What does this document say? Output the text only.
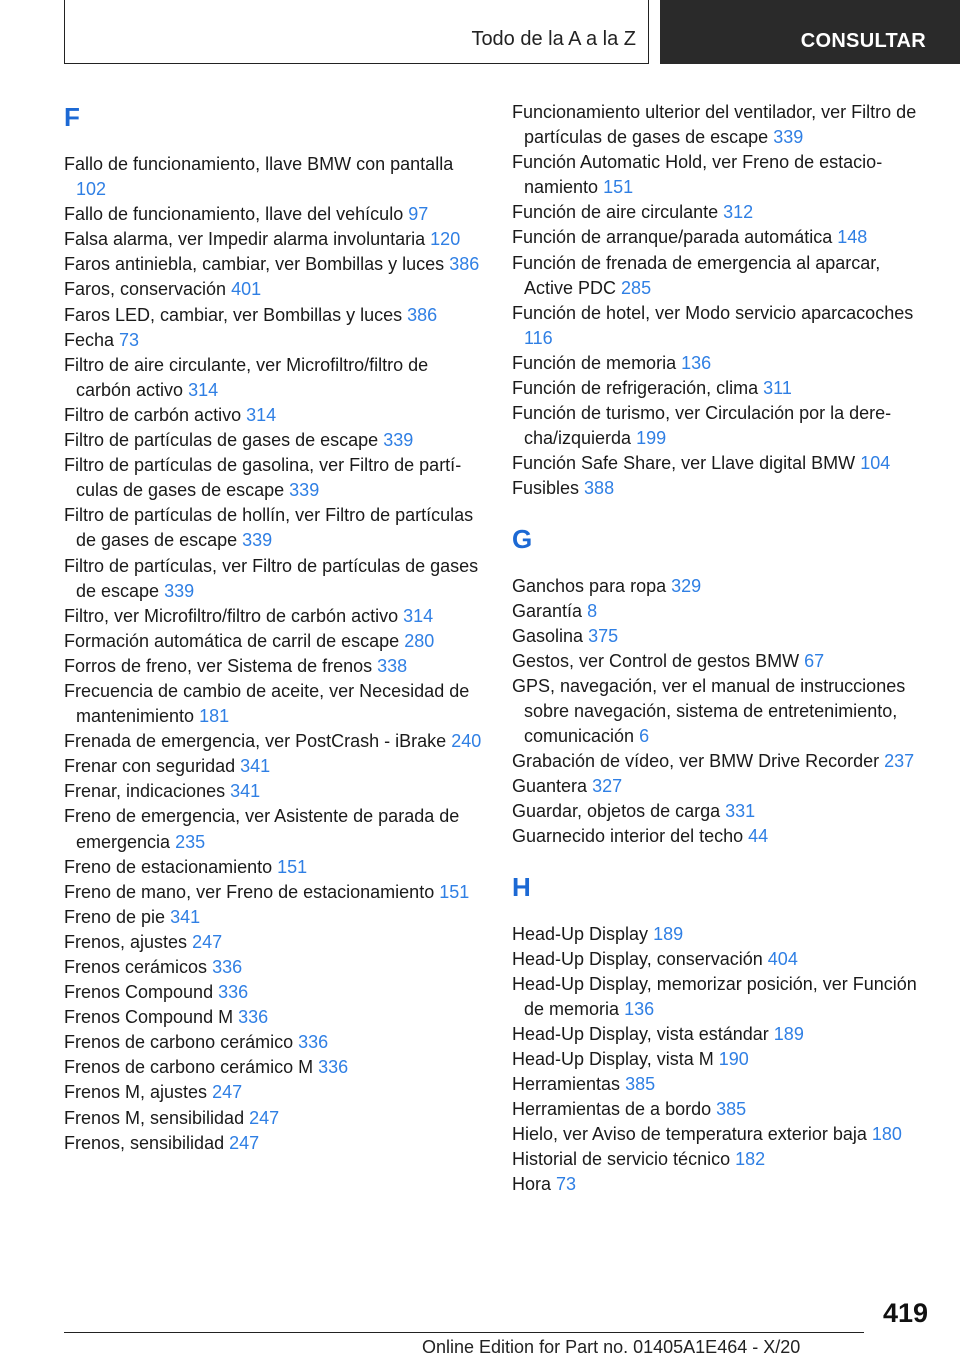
Todo de la A a la Z	CONSULTAR
F
Fallo de funcionamiento, llave BMW con pantalla 102
Fallo de funcionamiento, llave del vehículo 97
Falsa alarma, ver Impedir alarma involuntaria 120
Faros antiniebla, cambiar, ver Bombillas y luces 386
Faros, conservación 401
Faros LED, cambiar, ver Bombillas y luces 386
Fecha 73
Filtro de aire circulante, ver Microfiltro/filtro de carbón activo 314
Filtro de carbón activo 314
Filtro de partículas de gases de escape 339
Filtro de partículas de gasolina, ver Filtro de partículas de gases de escape 339
Filtro de partículas de hollín, ver Filtro de partículas de gases de escape 339
Filtro de partículas, ver Filtro de partículas de gases de escape 339
Filtro, ver Microfiltro/filtro de carbón activo 314
Formación automática de carril de escape 280
Forros de freno, ver Sistema de frenos 338
Frecuencia de cambio de aceite, ver Necesidad de mantenimiento 181
Frenada de emergencia, ver PostCrash - iBrake 240
Frenar con seguridad 341
Frenar, indicaciones 341
Freno de emergencia, ver Asistente de parada de emergencia 235
Freno de estacionamiento 151
Freno de mano, ver Freno de estacionamiento 151
Freno de pie 341
Frenos, ajustes 247
Frenos cerámicos 336
Frenos Compound 336
Frenos Compound M 336
Frenos de carbono cerámico 336
Frenos de carbono cerámico M 336
Frenos M, ajustes 247
Frenos M, sensibilidad 247
Frenos, sensibilidad 247
Funcionamiento ulterior del ventilador, ver Filtro de partículas de gases de escape 339
Función Automatic Hold, ver Freno de estacionamiento 151
Función de aire circulante 312
Función de arranque/parada automática 148
Función de frenada de emergencia al aparcar, Active PDC 285
Función de hotel, ver Modo servicio aparcacoches 116
Función de memoria 136
Función de refrigeración, clima 311
Función de turismo, ver Circulación por la derecha/izquierda 199
Función Safe Share, ver Llave digital BMW 104
Fusibles 388
G
Ganchos para ropa 329
Garantía 8
Gasolina 375
Gestos, ver Control de gestos BMW 67
GPS, navegación, ver el manual de instrucciones sobre navegación, sistema de entretenimiento, comunicación 6
Grabación de vídeo, ver BMW Drive Recorder 237
Guantera 327
Guardar, objetos de carga 331
Guarnecido interior del techo 44
H
Head-Up Display 189
Head-Up Display, conservación 404
Head-Up Display, memorizar posición, ver Función de memoria 136
Head-Up Display, vista estándar 189
Head-Up Display, vista M 190
Herramientas 385
Herramientas de a bordo 385
Hielo, ver Aviso de temperatura exterior baja 180
Historial de servicio técnico 182
Hora 73
419
Online Edition for Part no. 01405A1E464 - X/20
